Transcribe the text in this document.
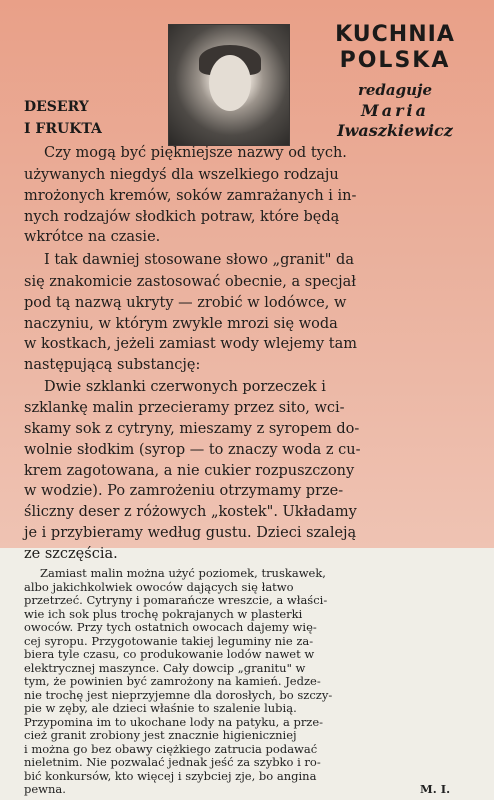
KUCHNIA
POLSKA
redaguje
Maria
Iwaszkiewicz
DESERY
I FRUKTA
Czy mogą być piękniejsze nazwy od tych.
używanych niegdyś dla wszelkiego rodzaju
mrożonych kremów, soków zamrażanych i in-
nych rodzajów słodkich potraw, które będą
wkrótce na czasie.
I tak dawniej stosowane słowo „granit" da
się znakomicie zastosować obecnie, a specjał
pod tą nazwą ukryty — zrobić w lodówce, w
naczyniu, w którym zwykle mrozi się woda
w kostkach, jeżeli zamiast wody wlejemy tam
następującą substancję:
Dwie szklanki czerwonych porzeczek i
szklankę malin przecieramy przez sito, wci-
skamy sok z cytryny, mieszamy z syropem do-
wolnie słodkim (syrop — to znaczy woda z cu-
krem zagotowana, a nie cukier rozpuszczony
w wodzie). Po zamrożeniu otrzymamy prze-
śliczny deser z różowych „kostek". Układamy
je i przybieramy według gustu. Dzieci szaleją
ze szczęścia.
Zamiast malin można użyć poziomek, truskawek,
albo jakichkolwiek owoców dających się łatwo
przetrzeć. Cytryny i pomarańcze wreszcie, a właści-
wie ich sok plus trochę pokrajanych w plasterki
owoców. Przy tych ostatnich owocach dajemy wię-
cej syropu. Przygotowanie takiej leguminy nie za-
biera tyle czasu, co produkowanie lodów nawet w
elektrycznej maszynce. Cały dowcip „granitu" w
tym, że powinien być zamrożony na kamień. Jedze-
nie trochę jest nieprzyjemne dla dorosłych, bo szczy-
pie w zęby, ale dzieci właśnie to szalenie lubią.
Przypomina im to ukochane lody na patyku, a prze-
cież granit zrobiony jest znacznie higieniczniej
i można go bez obawy ciężkiego zatrucia podawać
nieletnim. Nie pozwalać jednak jeść za szybko i ro-
bić konkursów, kto więcej i szybciej zje, bo angina
pewna.	M. I.
